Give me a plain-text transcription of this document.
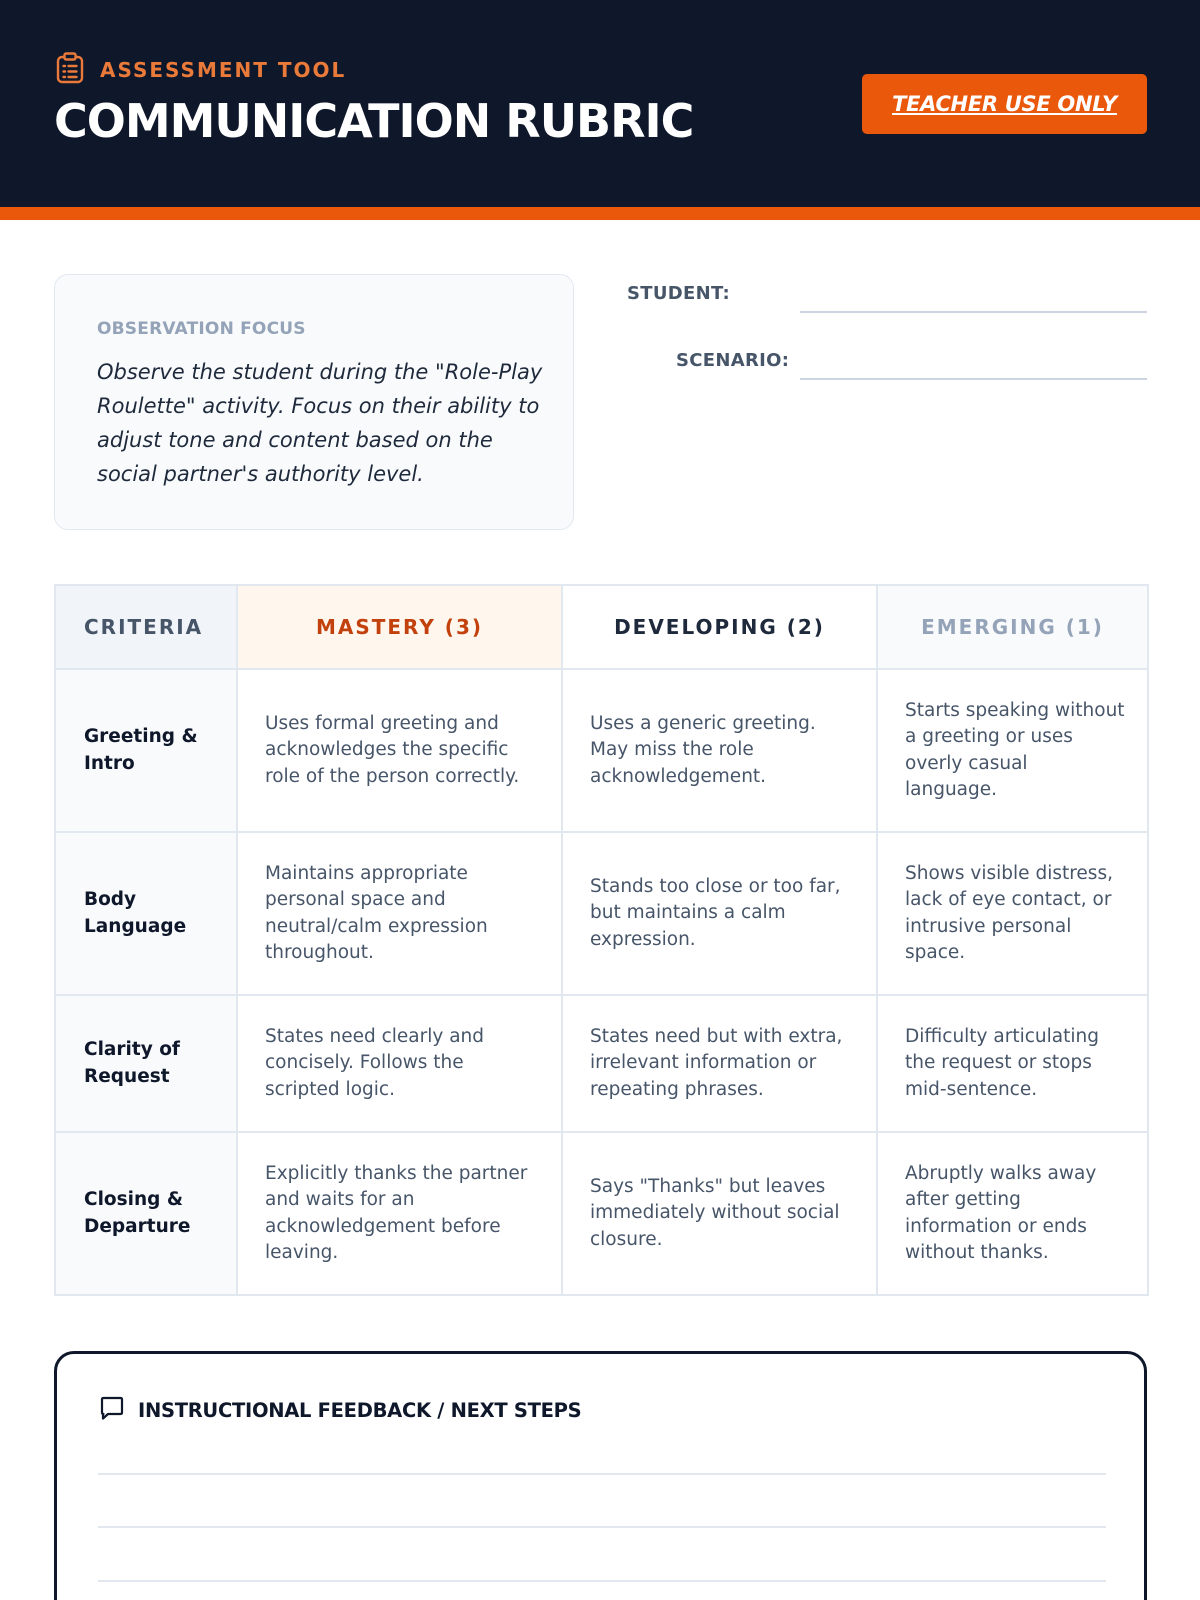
ASSESSMENT TOOL
COMMUNICATION RUBRIC	TEACHER USE ONLY
OBSERVATION FOCUS
Observe the student during the "Role-Play Roulette" activity. Focus on their ability to adjust tone and content based on the social partner's authority level.
STUDENT:
SCENARIO:
CRITERIA	MASTERY (3)	DEVELOPING (2)	EMERGING (1)
Greeting & Intro	Uses formal greeting and acknowledges the specific role of the person correctly.	Uses a generic greeting. May miss the role acknowledgement.	Starts speaking without a greeting or uses overly casual language.
Body Language	Maintains appropriate personal space and neutral/calm expression throughout.	Stands too close or too far, but maintains a calm expression.	Shows visible distress, lack of eye contact, or intrusive personal space.
Clarity of Request	States need clearly and concisely. Follows the scripted logic.	States need but with extra, irrelevant information or repeating phrases.	Difficulty articulating the request or stops mid-sentence.
Closing & Departure	Explicitly thanks the partner and waits for an acknowledgement before leaving.	Says "Thanks" but leaves immediately without social closure.	Abruptly walks away after getting information or ends without thanks.
INSTRUCTIONAL FEEDBACK / NEXT STEPS
